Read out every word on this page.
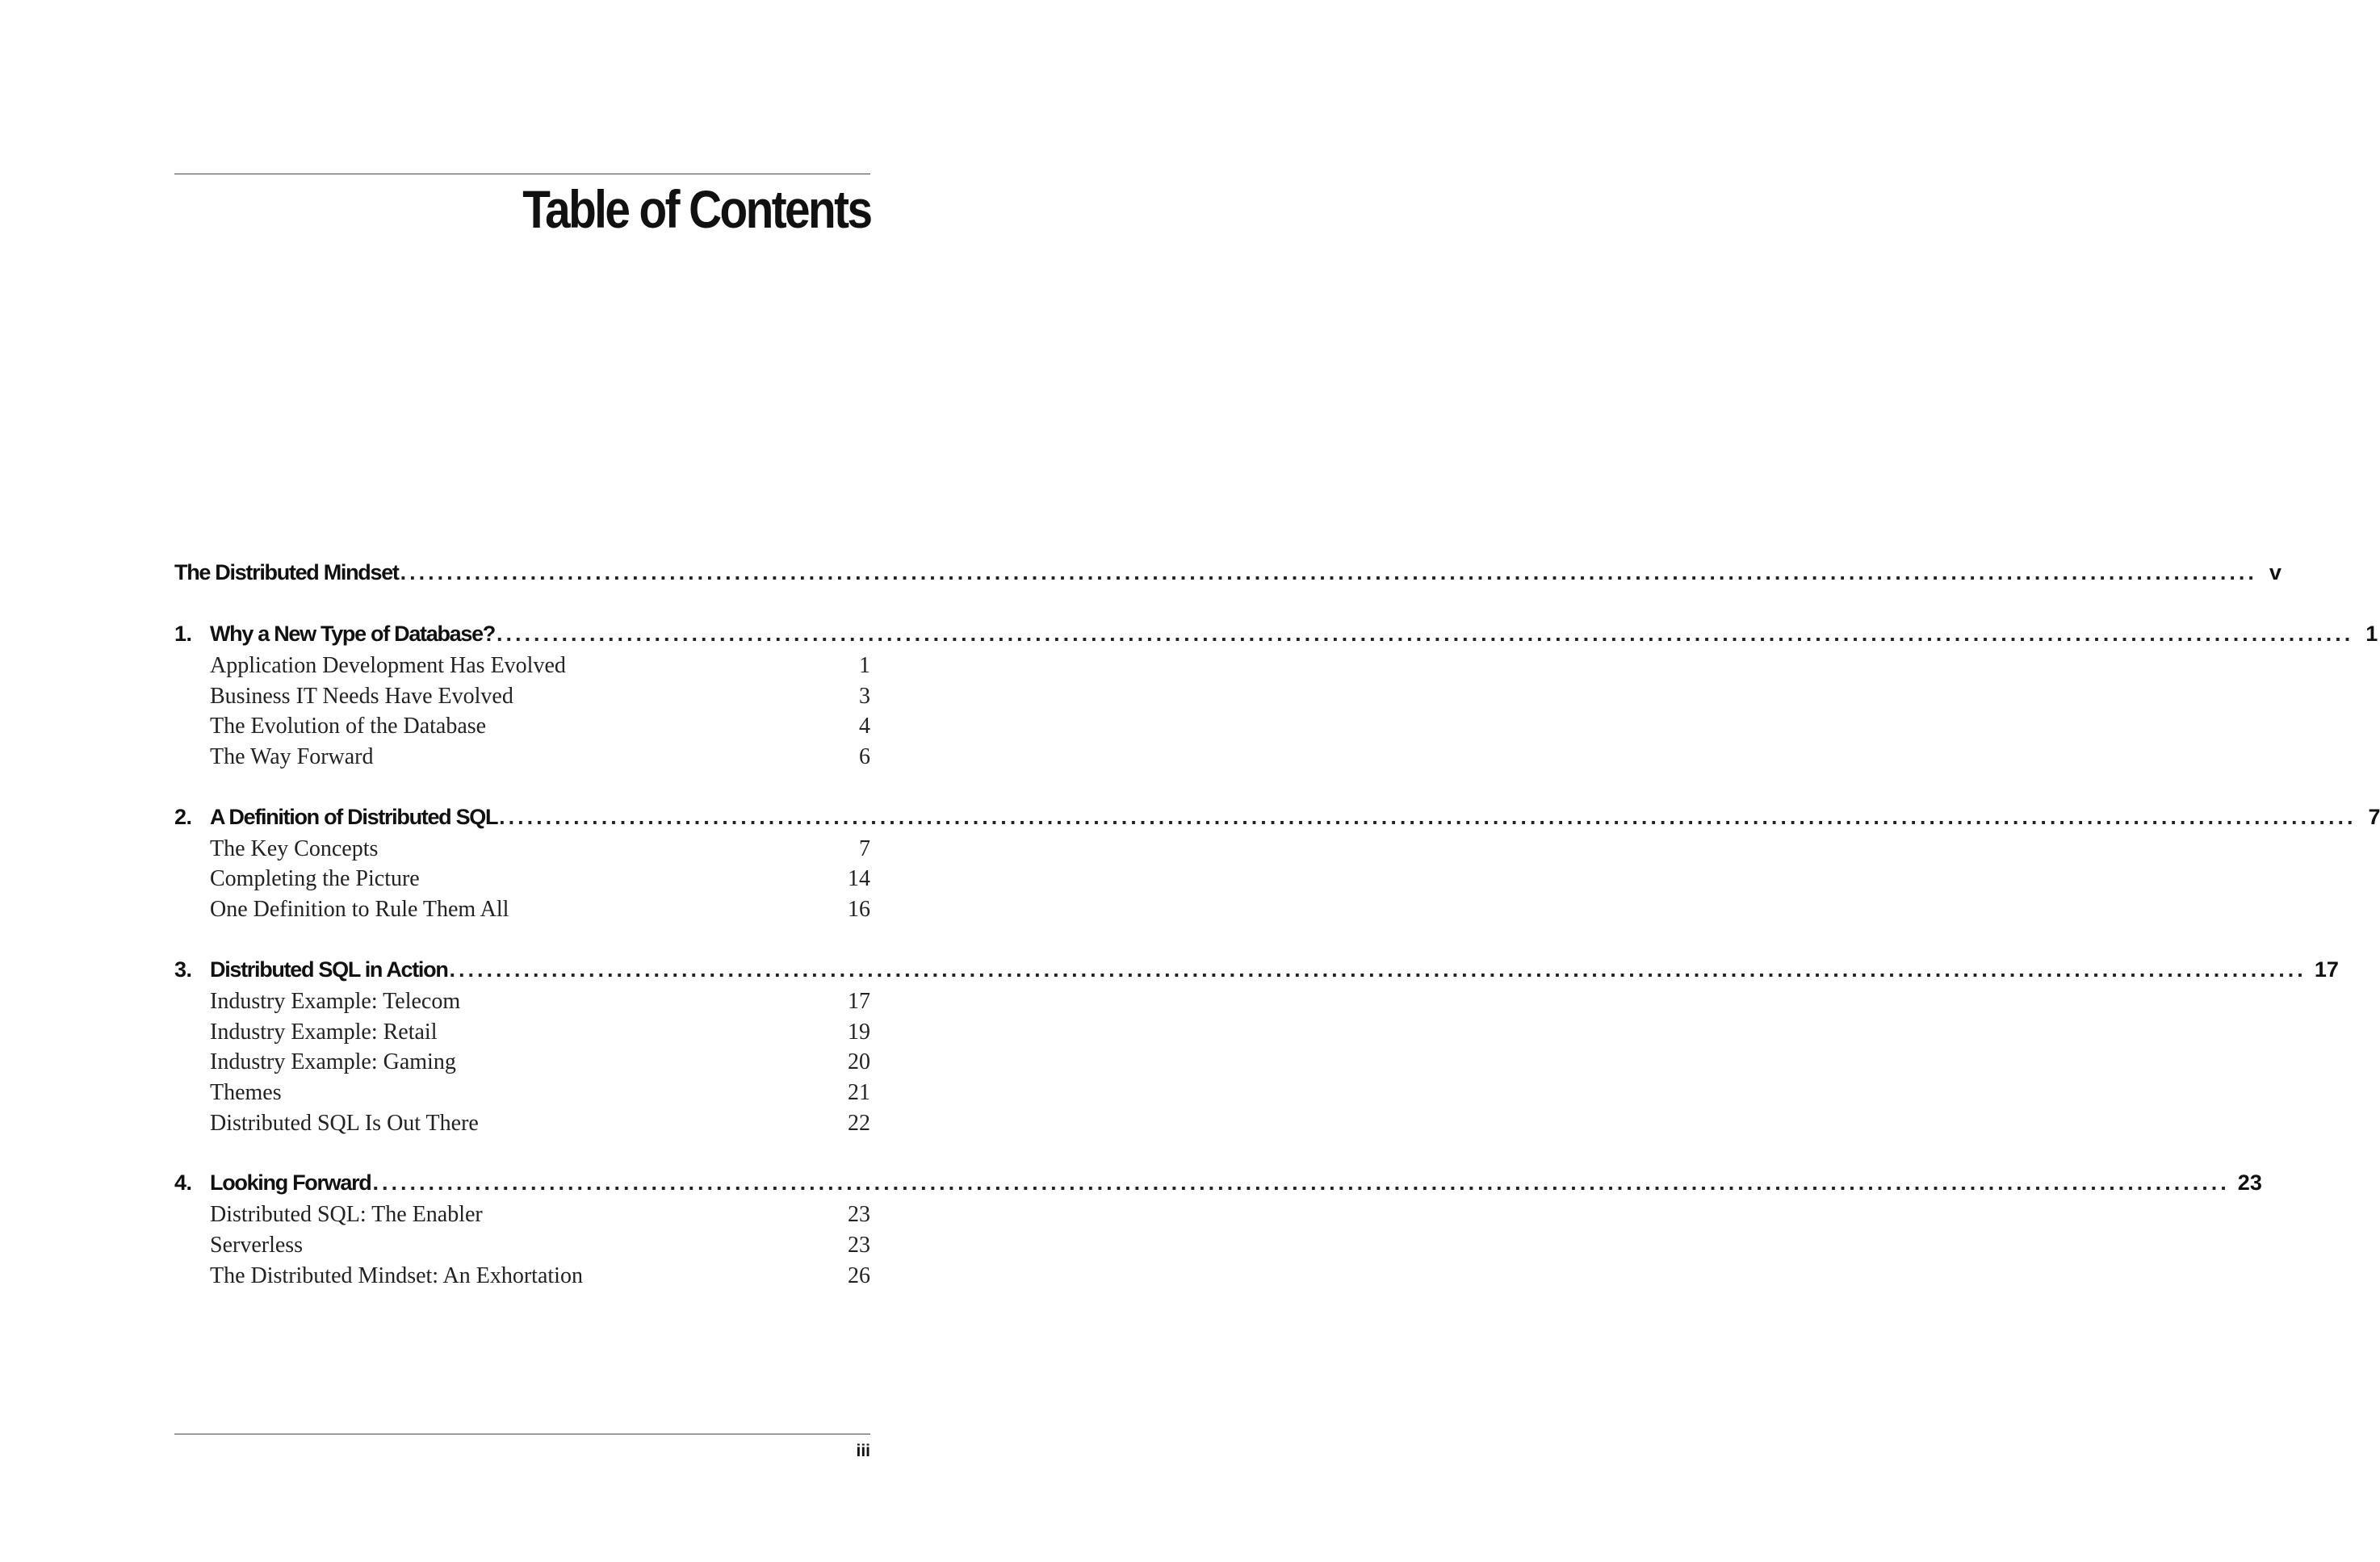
Table of Contents
The Distributed Mindset ........................................................................................................................................................................................................ v
1. Why a New Type of Database? ........................................................................................................................................................................................................ 1
Application Development Has Evolved	1
Business IT Needs Have Evolved	3
The Evolution of the Database	4
The Way Forward	6
2. A Definition of Distributed SQL ........................................................................................................................................................................................................ 7
The Key Concepts	7
Completing the Picture	14
One Definition to Rule Them All	16
3. Distributed SQL in Action ........................................................................................................................................................................................................ 17
Industry Example: Telecom	17
Industry Example: Retail	19
Industry Example: Gaming	20
Themes	21
Distributed SQL Is Out There	22
4. Looking Forward ........................................................................................................................................................................................................ 23
Distributed SQL: The Enabler	23
Serverless	23
The Distributed Mindset: An Exhortation	26
iii
